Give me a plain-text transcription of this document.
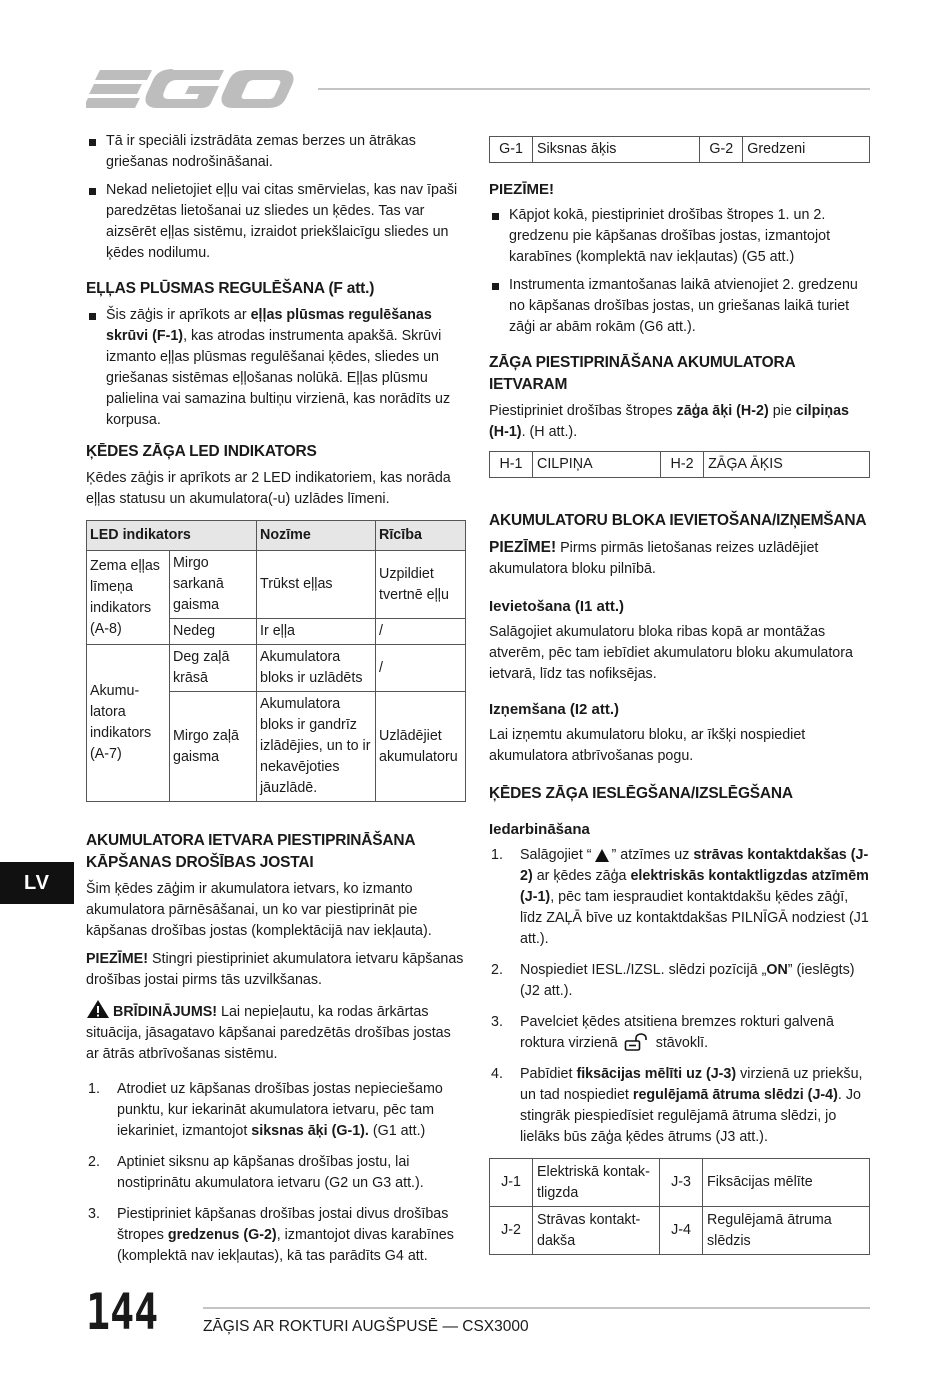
Tā ir speciāli izstrādāta zemas berzes un ātrākas griešanas nodrošināšanai.
Nekad nelietojiet eļļu vai citas smērvielas, kas nav īpaši paredzētas lietošanai uz sliedes un ķēdes. Tas var aizsērēt eļļas sistēmu, izraidot priekšlaicīgu sliedes un ķēdes nodilumu.
EĻĻAS PLŪSMAS REGULĒŠANA (F att.)
Šis zāģis ir aprīkots ar eļļas plūsmas regulēšanas skrūvi (F-1), kas atrodas instrumenta apakšā. Skrūvi izmanto eļļas plūsmas regulēšanai ķēdes, sliedes un griešanas sistēmas eļļošanas nolūkā. Eļļas plūsmu palielina vai samazina bultiņu virzienā, kas norādīts uz korpusa.
ĶĒDES ZĀĢA LED INDIKATORS

Ķēdes zāģis ir aprīkots ar 2 LED indikatoriem, kas norāda eļļas statusu un akumulatora(-u) uzlādes līmeni.

LED indikators		Nozīme	Rīcība
Zema eļļas līmeņa indikators (A-8)	Mirgo sarkanā gaisma	Trūkst eļļas	Uzpildiet tvertnē eļļu
	Nedeg	Ir eļļa	/
Akumu-latora indikators (A-7)	Deg zaļā krāsā	Akumulatora bloks ir uzlādēts	/
	Mirgo zaļā gaisma	Akumulatora bloks ir gandrīz izlādējies, un to ir nekavējoties jāuzlādē.	Uzlādējiet akumulatoru
AKUMULATORA IETVARA PIESTIPRINĀŠANA KĀPŠANAS DROŠĪBAS JOSTAI

Šim ķēdes zāģim ir akumulatora ietvars, ko izmanto akumulatora pārnēsāšanai, un ko var piestiprināt pie kāpšanas drošības jostas (komplektācijā nav iekļauta).

PIEZĪME! Stingri piestipriniet akumulatora ietvaru kāpšanas drošības jostai pirms tās uzvilkšanas.

BRĪDINĀJUMS! Lai nepieļautu, ka rodas ārkārtas situācija, jāsagatavo kāpšanai paredzētās drošības jostas ar ātrās atbrīvošanas sistēmu.

1. Atrodiet uz kāpšanas drošības jostas nepieciešamo punktu, kur iekarināt akumulatora ietvaru, pēc tam iekariniet, izmantojot siksnas āķi (G-1). (G1 att.)
2. Aptiniet siksnu ap kāpšanas drošības jostu, lai nostiprinātu akumulatora ietvaru (G2 un G3 att.).
3. Piestipriniet kāpšanas drošības jostai divus drošības štropes gredzenus (G-2), izmantojot divas karabīnes (komplektā nav iekļautas), kā tas parādīts G4 att.
G-1	Siksnas āķis	G-2	Gredzeni
PIEZĪME!
Kāpjot kokā, piestipriniet drošības štropes 1. un 2. gredzenu pie kāpšanas drošības jostas, izmantojot karabīnes (komplektā nav iekļautas) (G5 att.)
Instrumenta izmantošanas laikā atvienojiet 2. gredzenu no kāpšanas drošības jostas, un griešanas laikā turiet zāģi ar abām rokām (G6 att.).
ZĀĢA PIESTIPRINĀŠANA AKUMULATORA IETVARAM

Piestipriniet drošības štropes zāģa āķi (H-2) pie cilpiņas (H-1). (H att.).

H-1	CILPIŅA	H-2	ZĀĢA ĀĶIS
AKUMULATORU BLOKA IEVIETOŠANA/IZŅEMŠANA

PIEZĪME! Pirms pirmās lietošanas reizes uzlādējiet akumulatora bloku pilnībā.

Ievietošana (I1 att.)

Salāgojiet akumulatoru bloka ribas kopā ar montāžas atverēm, pēc tam iebīdiet akumulatoru bloku akumulatora ietvarā, līdz tas nofiksējas.

Izņemšana (I2 att.)

Lai izņemtu akumulatoru bloku, ar īkšķi nospiediet akumulatora atbrīvošanas pogu.

ĶĒDES ZĀĢA IESLĒGŠANA/IZSLĒGŠANA
Iedarbināšana
1. Salāgojiet “ ” atzīmes uz strāvas kontaktdakšas (J-2) ar ķēdes zāģa elektriskās kontaktligzdas atzīmēm (J-1), pēc tam iespraudiet kontaktdakšu ķēdes zāģī, līdz ZAĻĀ bīve uz kontaktdakšas PILNĪGĀ nodziest (J1 att.).
2. Nospiediet IESL./IZSL. slēdzi pozīcijā „ON” (ieslēgts) (J2 att.).
3. Pavelciet ķēdes atsitiena bremzes rokturi galvenā roktura virzienā  stāvoklī.
4. Pabīdiet fiksācijas mēlīti uz (J-3) virzienā uz priekšu, un tad nospiediet regulējamā ātruma slēdzi (J-4). Jo stingrāk piespiedīsiet regulējamā ātruma slēdzi, jo lielāks būs zāģa ķēdes ātrums (J3 att.).
J-1	Elektriskā kontak-tligzda	J-3	Fiksācijas mēlīte
J-2	Strāvas kontakt-dakša	J-4	Regulējamā ātruma slēdzis
LV
144	ZĀĢIS AR ROKTURI AUGŠPUSĒ — CSX3000
